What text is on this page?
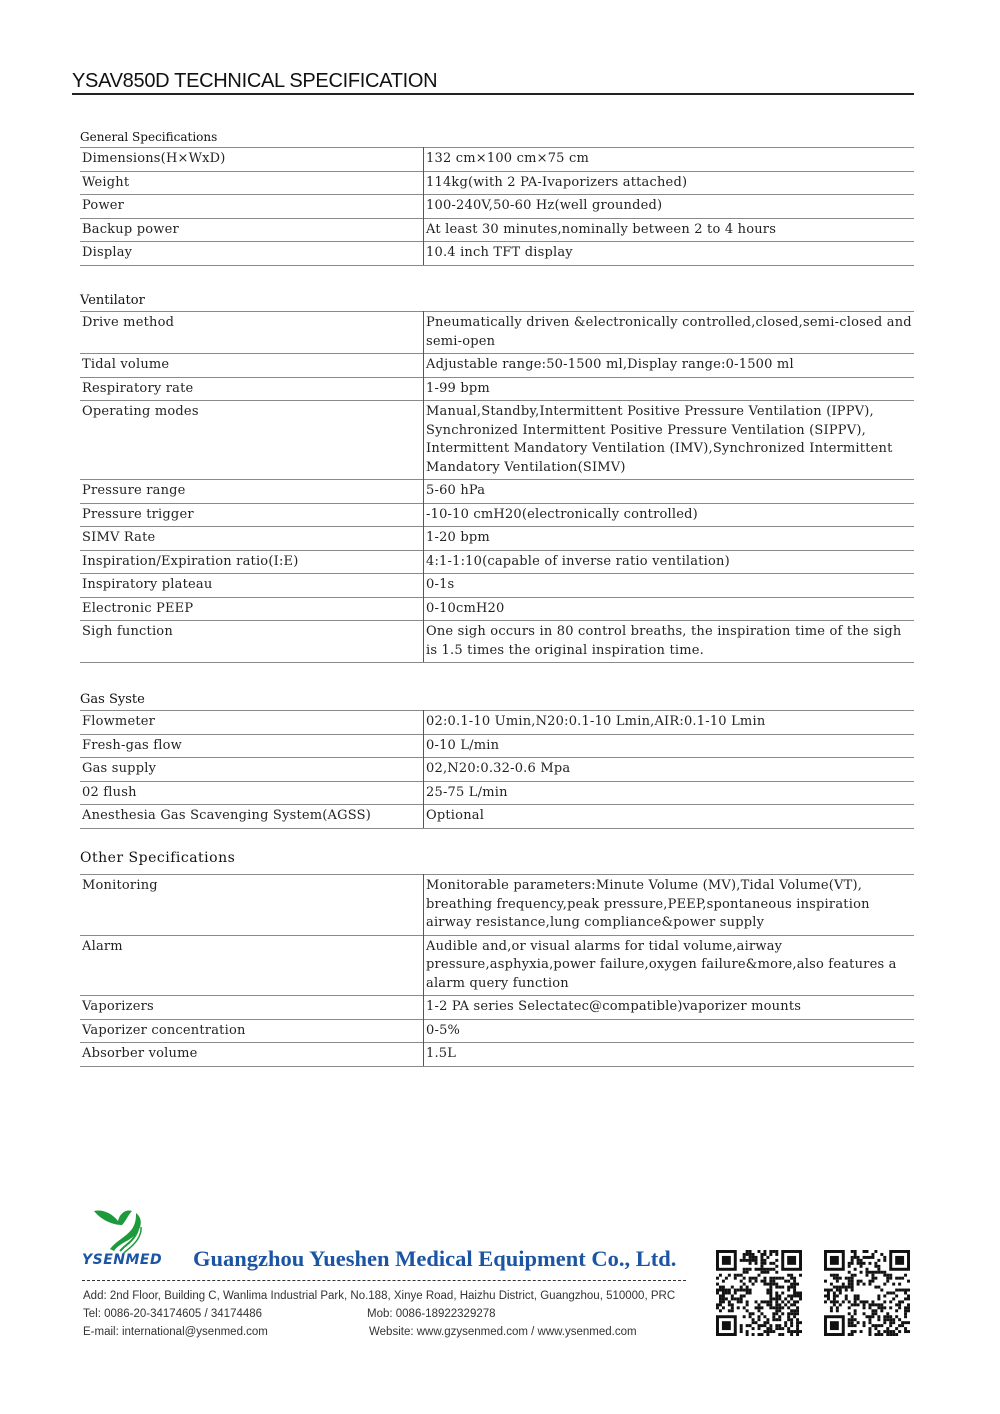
YSAV850D TECHNICAL SPECIFICATION
General Specifications
Dimensions(H×WxD)	132 cm×100 cm×75 cm
Weight	114kg(with 2 PA-Ivaporizers attached)
Power	100-240V,50-60 Hz(well grounded)
Backup power	At least 30 minutes,nominally between 2 to 4 hours
Display	10.4 inch TFT display
Ventilator
Drive method	Pneumatically driven &electronically controlled,closed,semi-closed and semi-open
Tidal volume	Adjustable range:50-1500 ml,Display range:0-1500 ml
Respiratory rate	1-99 bpm
Operating modes	Manual,Standby,Intermittent Positive Pressure Ventilation (IPPV), Synchronized Intermittent Positive Pressure Ventilation (SIPPV), Intermittent Mandatory Ventilation (IMV),Synchronized Intermittent Mandatory Ventilation(SIMV)
Pressure range	5-60 hPa
Pressure trigger	-10-10 cmH20(electronically controlled)
SIMV Rate	1-20 bpm
Inspiration/Expiration ratio(I:E)	4:1-1:10(capable of inverse ratio ventilation)
Inspiratory plateau	0-1s
Electronic PEEP	0-10cmH20
Sigh function	One sigh occurs in 80 control breaths, the inspiration time of the sigh is 1.5 times the original inspiration time.
Gas Syste
Flowmeter	02:0.1-10 Umin,N20:0.1-10 Lmin,AIR:0.1-10 Lmin
Fresh-gas flow	0-10 L/min
Gas supply	02,N20:0.32-0.6 Mpa
02 flush	25-75 L/min
Anesthesia Gas Scavenging System(AGSS)	Optional
Other Specifications
Monitoring	Monitorable parameters:Minute Volume (MV),Tidal Volume(VT), breathing frequency,peak pressure,PEEP,spontaneous inspiration airway resistance,lung compliance&power supply
Alarm	Audible and,or visual alarms for tidal volume,airway pressure,asphyxia,power failure,oxygen failure&more,also features a alarm query function
Vaporizers	1-2 PA series Selectatec@compatible)vaporizer mounts
Vaporizer concentration	0-5%
Absorber volume	1.5L
YSENMED Guangzhou Yueshen Medical Equipment Co., Ltd.
Add: 2nd Floor, Building C, Wanlima Industrial Park, No.188, Xinye Road, Haizhu District, Guangzhou, 510000, PRC
Tel: 0086-20-34174605 / 34174486	Mob: 0086-18922329278
E-mail: international@ysenmed.com	Website: www.gzysenmed.com / www.ysenmed.com
